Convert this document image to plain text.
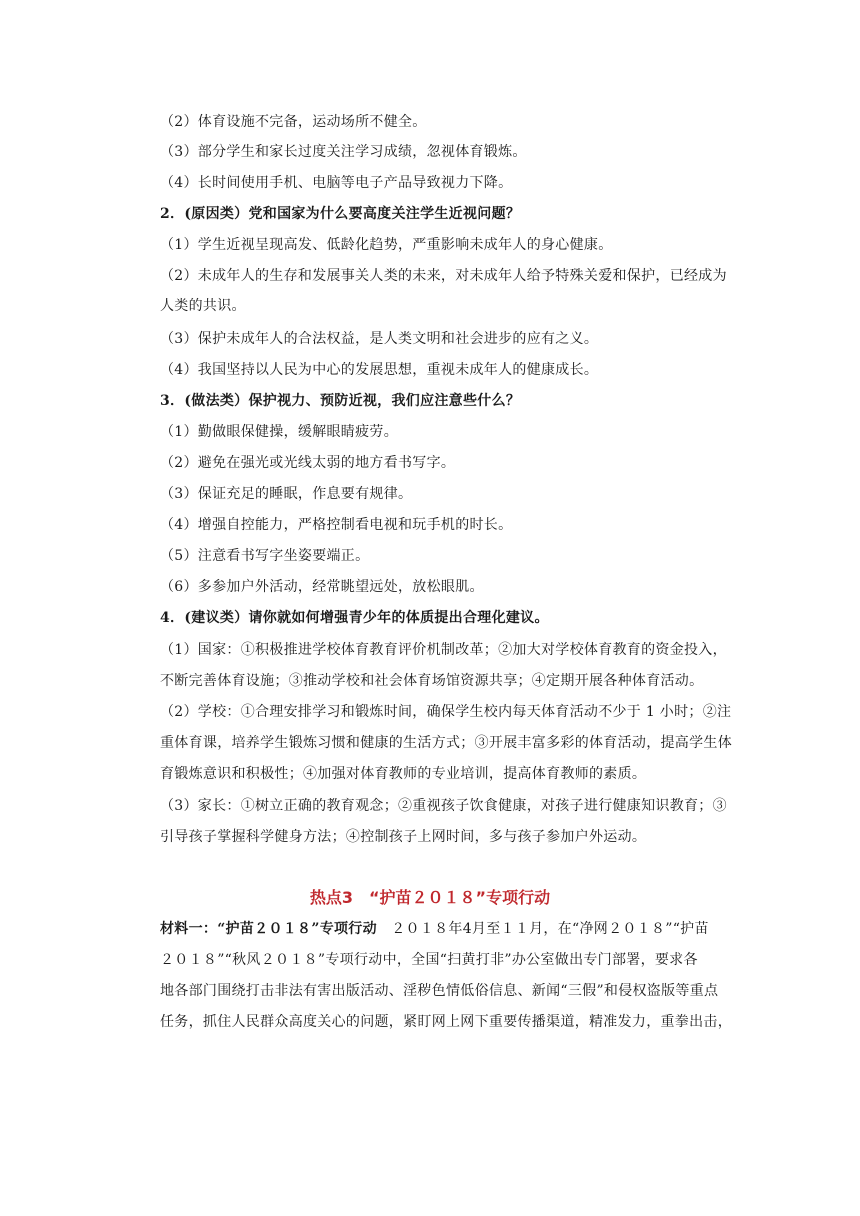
（2）体育设施不完备，运动场所不健全。
（3）部分学生和家长过度关注学习成绩，忽视体育锻炼。
（4）长时间使用手机、电脑等电子产品导致视力下降。
2．(原因类）党和国家为什么要高度关注学生近视问题？
（1）学生近视呈现高发、低龄化趋势，严重影响未成年人的身心健康。
（2）未成年人的生存和发展事关人类的未来，对未成年人给予特殊关爱和保护，已经成为
人类的共识。
（3）保护未成年人的合法权益，是人类文明和社会进步的应有之义。
（4）我国坚持以人民为中心的发展思想，重视未成年人的健康成长。
3．(做法类）保护视力、预防近视，我们应注意些什么？
（1）勤做眼保健操，缓解眼睛疲劳。
（2）避免在强光或光线太弱的地方看书写字。
（3）保证充足的睡眠，作息要有规律。
（4）增强自控能力，严格控制看电视和玩手机的时长。
（5）注意看书写字坐姿要端正。
（6）多参加户外活动，经常眺望远处，放松眼肌。
4．(建议类）请你就如何增强青少年的体质提出合理化建议。
（1）国家：①积极推进学校体育教育评价机制改革；②加大对学校体育教育的资金投入，
不断完善体育设施；③推动学校和社会体育场馆资源共享；④定期开展各种体育活动。
（2）学校：①合理安排学习和锻炼时间，确保学生校内每天体育活动不少于 1 小时；②注
重体育课，培养学生锻炼习惯和健康的生活方式；③开展丰富多彩的体育活动，提高学生体
育锻炼意识和积极性；④加强对体育教师的专业培训，提高体育教师的素质。
（3）家长：①树立正确的教育观念；②重视孩子饮食健康，对孩子进行健康知识教育；③
引导孩子掌握科学健身方法；④控制孩子上网时间，多与孩子参加户外运动。
热点3　“护苗２０１８”专项行动
材料一：“护苗２０１８”专项行动　２０１８年4月至１１月，在“净网２０１８”“护苗
２０１８”“秋风２０１８”专项行动中，全国“扫黄打非”办公室做出专门部署，要求各
地各部门围绕打击非法有害出版活动、淫秽色情低俗信息、新闻“三假”和侵权盗版等重点
任务，抓住人民群众高度关心的问题，紧盯网上网下重要传播渠道，精准发力，重拳出击，
